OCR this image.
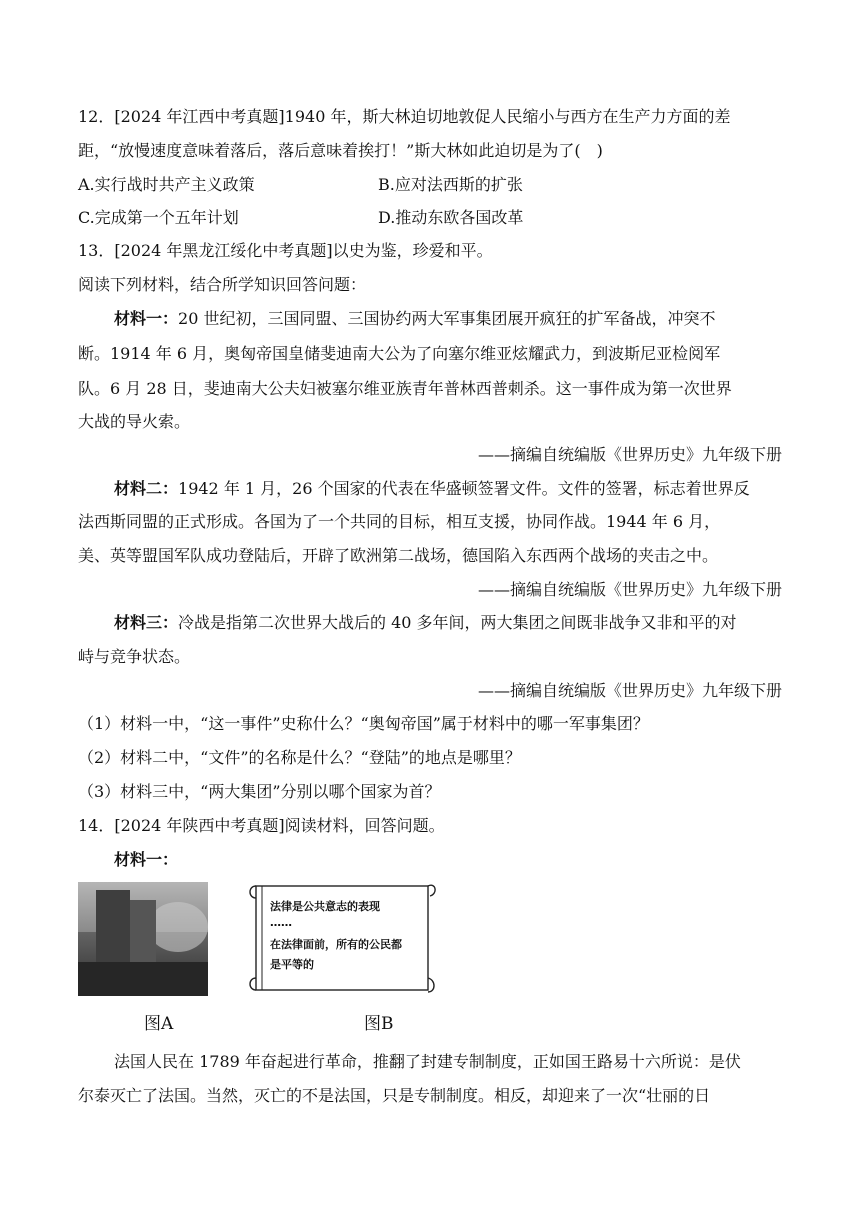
12．[2024 年江西中考真题]1940 年，斯大林迫切地敦促人民缩小与西方在生产力方面的差
距，“放慢速度意味着落后，落后意味着挨打！”斯大林如此迫切是为了(　)
A.实行战时共产主义政策	B.应对法西斯的扩张
C.完成第一个五年计划	D.推动东欧各国改革
13．[2024 年黑龙江绥化中考真题]以史为鉴，珍爱和平。
阅读下列材料，结合所学知识回答问题：
材料一：20 世纪初，三国同盟、三国协约两大军事集团展开疯狂的扩军备战，冲突不
断。1914 年 6 月，奥匈帝国皇储斐迪南大公为了向塞尔维亚炫耀武力，到波斯尼亚检阅军
队。6 月 28 日，斐迪南大公夫妇被塞尔维亚族青年普林西普刺杀。这一事件成为第一次世界
大战的导火索。
——摘编自统编版《世界历史》九年级下册
材料二：1942 年 1 月，26 个国家的代表在华盛顿签署文件。文件的签署，标志着世界反
法西斯同盟的正式形成。各国为了一个共同的目标，相互支援，协同作战。1944 年 6 月，
美、英等盟国军队成功登陆后，开辟了欧洲第二战场，德国陷入东西两个战场的夹击之中。
——摘编自统编版《世界历史》九年级下册
材料三：冷战是指第二次世界大战后的 40 多年间，两大集团之间既非战争又非和平的对
峙与竞争状态。
——摘编自统编版《世界历史》九年级下册
（1）材料一中，“这一事件”史称什么？“奥匈帝国”属于材料中的哪一军事集团？
（2）材料二中，“文件”的名称是什么？“登陆”的地点是哪里？
（3）材料三中，“两大集团”分别以哪个国家为首？
14．[2024 年陕西中考真题]阅读材料，回答问题。
材料一：
法律是公共意志的表现
……
在法律面前，所有的公民都
是平等的
图A	图B
法国人民在 1789 年奋起进行革命，推翻了封建专制制度，正如国王路易十六所说：是伏
尔泰灭亡了法国。当然，灭亡的不是法国，只是专制制度。相反，却迎来了一次“壮丽的日
